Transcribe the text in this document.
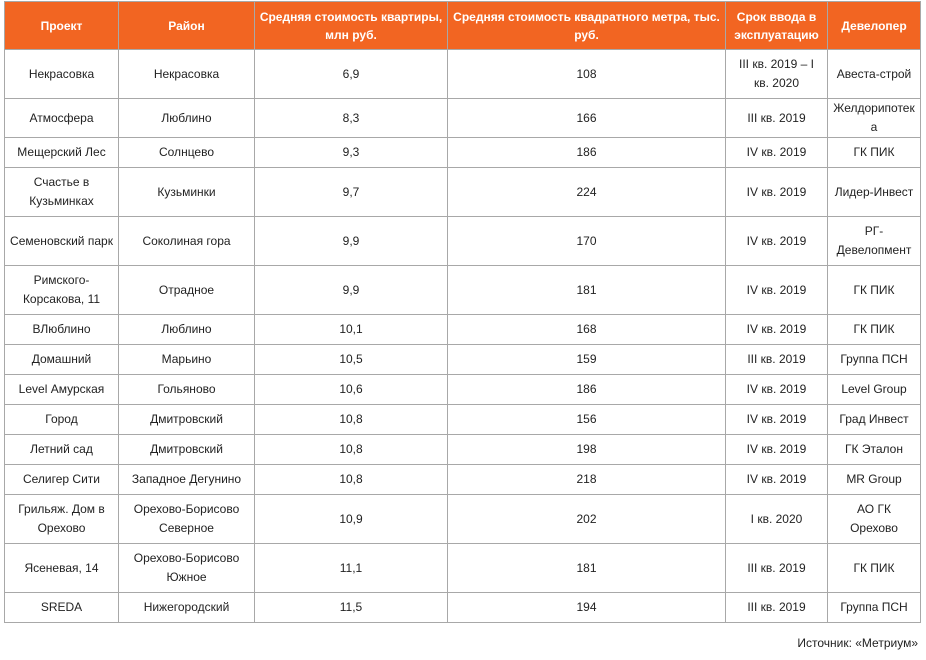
Проект	Район	Средняя стоимость квартиры, млн руб.	Средняя стоимость квадратного метра, тыс. руб.	Срок ввода в эксплуатацию	Девелопер
Некрасовка	Некрасовка	6,9	108	III кв. 2019 – I кв. 2020	Авеста-строй
Атмосфера	Люблино	8,3	166	III кв. 2019	Желдорипотека
Мещерский Лес	Солнцево	9,3	186	IV кв. 2019	ГК ПИК
Счастье в Кузьминках	Кузьминки	9,7	224	IV кв. 2019	Лидер-Инвест
Семеновский парк	Соколиная гора	9,9	170	IV кв. 2019	РГ-Девелопмент
Римского-Корсакова, 11	Отрадное	9,9	181	IV кв. 2019	ГК ПИК
ВЛюблино	Люблино	10,1	168	IV кв. 2019	ГК ПИК
Домашний	Марьино	10,5	159	III кв. 2019	Группа ПСН
Level Амурская	Гольяново	10,6	186	IV кв. 2019	Level Group
Город	Дмитровский	10,8	156	IV кв. 2019	Град Инвест
Летний сад	Дмитровский	10,8	198	IV кв. 2019	ГК Эталон
Селигер Сити	Западное Дегунино	10,8	218	IV кв. 2019	MR Group
Грильяж. Дом в Орехово	Орехово-Борисово Северное	10,9	202	I кв. 2020	АО ГК Орехово
Ясеневая, 14	Орехово-Борисово Южное	11,1	181	III кв. 2019	ГК ПИК
SREDA	Нижегородский	11,5	194	III кв. 2019	Группа ПСН
Источник: «Метриум»
